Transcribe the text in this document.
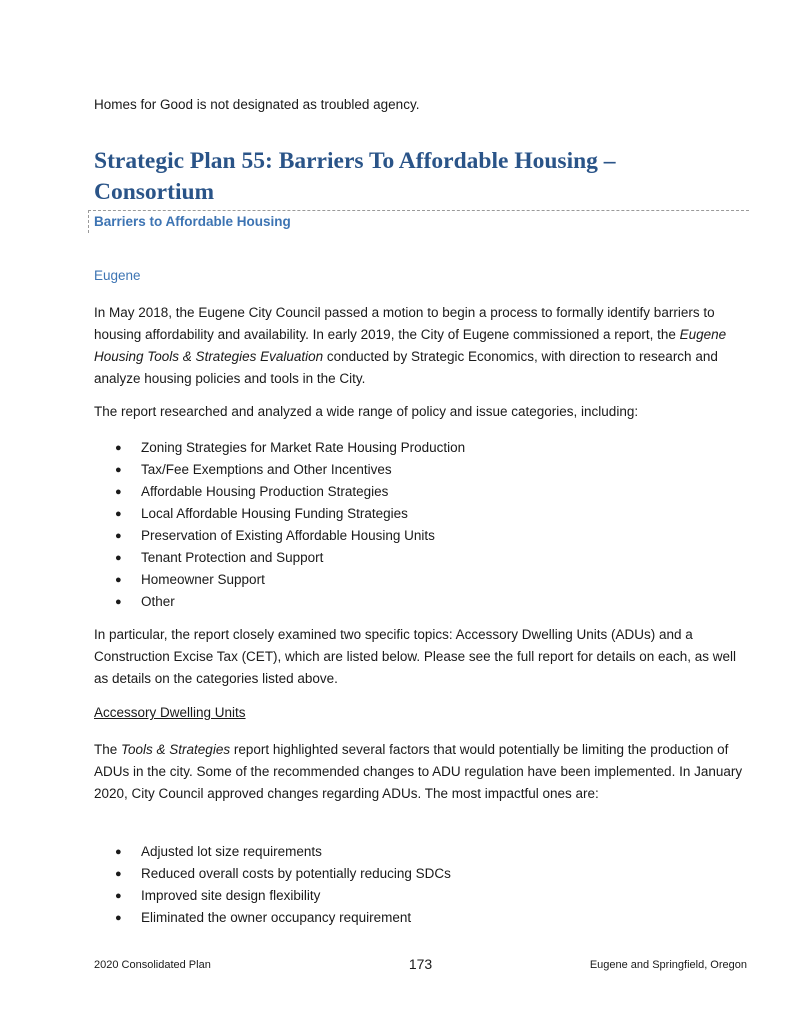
Homes for Good is not designated as troubled agency.
Strategic Plan 55: Barriers To Affordable Housing – Consortium
Barriers to Affordable Housing
Eugene

In May 2018, the Eugene City Council passed a motion to begin a process to formally identify barriers to housing affordability and availability. In early 2019, the City of Eugene commissioned a report, the Eugene Housing Tools & Strategies Evaluation conducted by Strategic Economics, with direction to research and analyze housing policies and tools in the City.

The report researched and analyzed a wide range of policy and issue categories, including:

● Zoning Strategies for Market Rate Housing Production
● Tax/Fee Exemptions and Other Incentives
● Affordable Housing Production Strategies
● Local Affordable Housing Funding Strategies
● Preservation of Existing Affordable Housing Units
● Tenant Protection and Support
● Homeowner Support
● Other

In particular, the report closely examined two specific topics: Accessory Dwelling Units (ADUs) and a Construction Excise Tax (CET), which are listed below. Please see the full report for details on each, as well as details on the categories listed above.

Accessory Dwelling Units

The Tools & Strategies report highlighted several factors that would potentially be limiting the production of ADUs in the city. Some of the recommended changes to ADU regulation have been implemented. In January 2020, City Council approved changes regarding ADUs. The most impactful ones are:

● Adjusted lot size requirements
● Reduced overall costs by potentially reducing SDCs
● Improved site design flexibility
● Eliminated the owner occupancy requirement
2020 Consolidated Plan	173	Eugene and Springfield, Oregon
